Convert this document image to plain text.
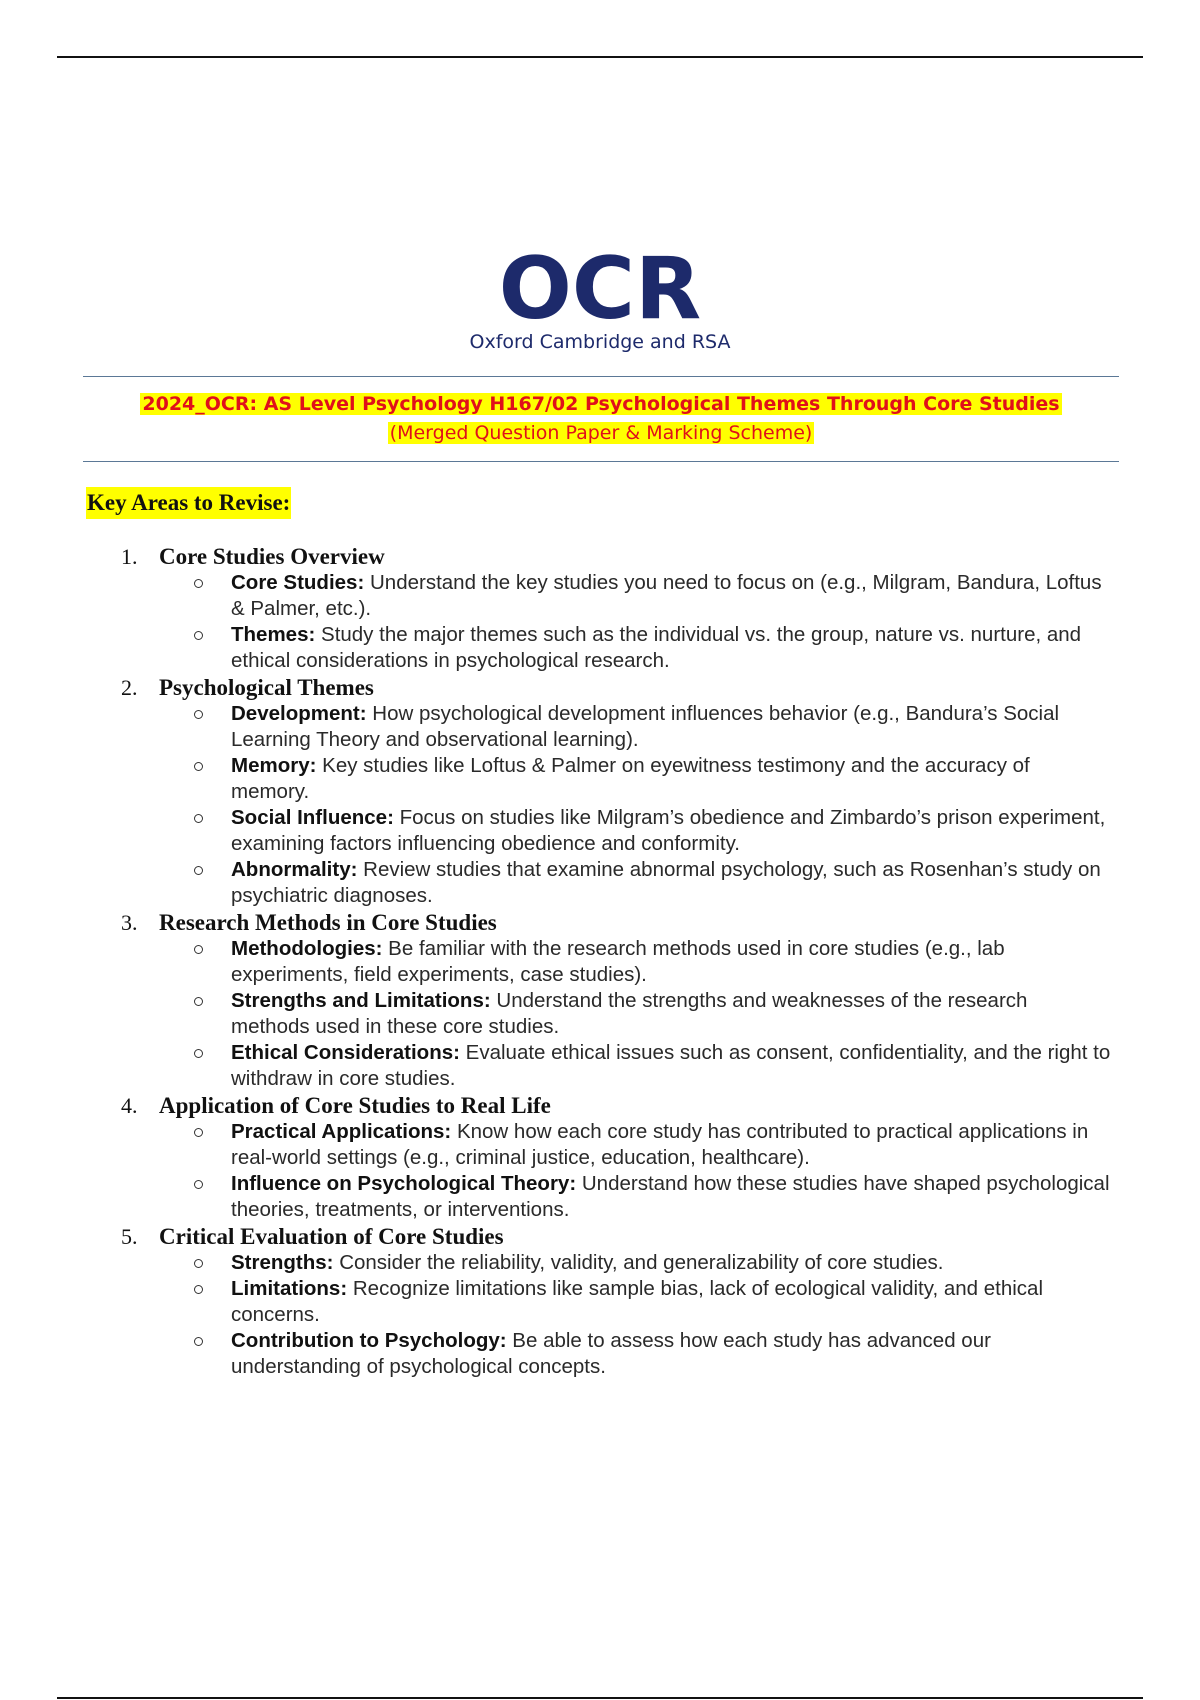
OCR
Oxford Cambridge and RSA
2024_OCR: AS Level Psychology H167/02 Psychological Themes Through Core Studies
(Merged Question Paper & Marking Scheme)
Key Areas to Revise:
1. Core Studies Overview
Core Studies: Understand the key studies you need to focus on (e.g., Milgram, Bandura, Loftus & Palmer, etc.).
Themes: Study the major themes such as the individual vs. the group, nature vs. nurture, and ethical considerations in psychological research.
2. Psychological Themes
Development: How psychological development influences behavior (e.g., Bandura’s Social Learning Theory and observational learning).
Memory: Key studies like Loftus & Palmer on eyewitness testimony and the accuracy of memory.
Social Influence: Focus on studies like Milgram’s obedience and Zimbardo’s prison experiment, examining factors influencing obedience and conformity.
Abnormality: Review studies that examine abnormal psychology, such as Rosenhan’s study on psychiatric diagnoses.
3. Research Methods in Core Studies
Methodologies: Be familiar with the research methods used in core studies (e.g., lab experiments, field experiments, case studies).
Strengths and Limitations: Understand the strengths and weaknesses of the research methods used in these core studies.
Ethical Considerations: Evaluate ethical issues such as consent, confidentiality, and the right to withdraw in core studies.
4. Application of Core Studies to Real Life
Practical Applications: Know how each core study has contributed to practical applications in real-world settings (e.g., criminal justice, education, healthcare).
Influence on Psychological Theory: Understand how these studies have shaped psychological theories, treatments, or interventions.
5. Critical Evaluation of Core Studies
Strengths: Consider the reliability, validity, and generalizability of core studies.
Limitations: Recognize limitations like sample bias, lack of ecological validity, and ethical concerns.
Contribution to Psychology: Be able to assess how each study has advanced our understanding of psychological concepts.
